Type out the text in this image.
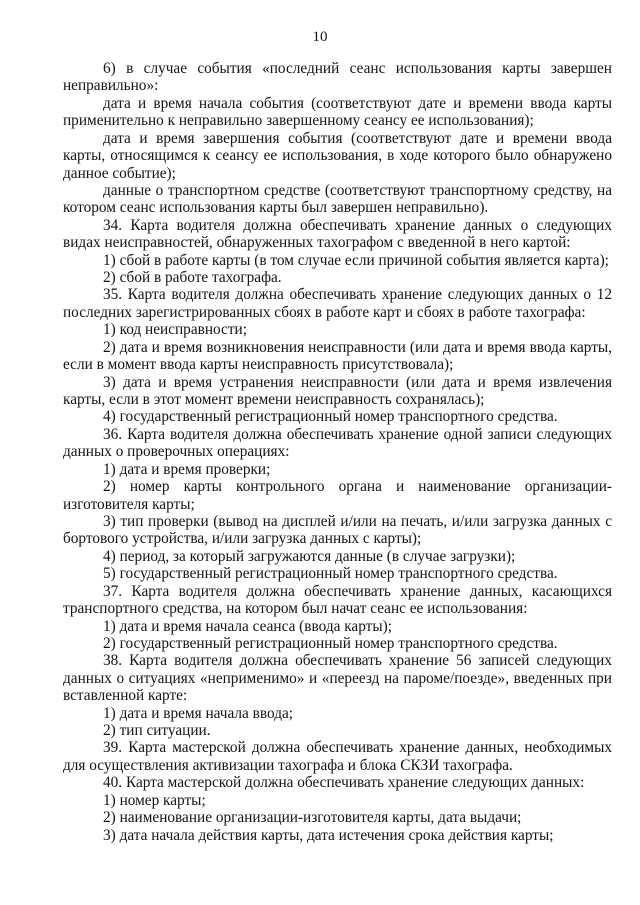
10

6) в случае события «последний сеанс использования карты завершен неправильно»:

дата и время начала события (соответствуют дате и времени ввода карты применительно к неправильно завершенному сеансу ее использования);

дата и время завершения события (соответствуют дате и времени ввода карты, относящимся к сеансу ее использования, в ходе которого было обнаружено данное событие);

данные о транспортном средстве (соответствуют транспортному средству, на котором сеанс использования карты был завершен неправильно).

34. Карта водителя должна обеспечивать хранение данных о следующих видах неисправностей, обнаруженных тахографом с введенной в него картой:

1) сбой в работе карты (в том случае если причиной события является карта);

2) сбой в работе тахографа.

35. Карта водителя должна обеспечивать хранение следующих данных о 12 последних зарегистрированных сбоях в работе карт и сбоях в работе тахографа:

1) код неисправности;

2) дата и время возникновения неисправности (или дата и время ввода карты, если в момент ввода карты неисправность присутствовала);

3) дата и время устранения неисправности (или дата и время извлечения карты, если в этот момент времени неисправность сохранялась);

4) государственный регистрационный номер транспортного средства.

36. Карта водителя должна обеспечивать хранение одной записи следующих данных о проверочных операциях:

1) дата и время проверки;

2) номер карты контрольного органа и наименование организации-изготовителя карты;

3) тип проверки (вывод на дисплей и/или на печать, и/или загрузка данных с бортового устройства, и/или загрузка данных с карты);

4) период, за который загружаются данные (в случае загрузки);

5) государственный регистрационный номер транспортного средства.

37. Карта водителя должна обеспечивать хранение данных, касающихся транспортного средства, на котором был начат сеанс ее использования:

1) дата и время начала сеанса (ввода карты);

2) государственный регистрационный номер транспортного средства.

38. Карта водителя должна обеспечивать хранение 56 записей следующих данных о ситуациях «неприменимо» и «переезд на пароме/поезде», введенных при вставленной карте:

1) дата и время начала ввода;

2) тип ситуации.

39. Карта мастерской должна обеспечивать хранение данных, необходимых для осуществления активизации тахографа и блока СКЗИ тахографа.

40. Карта мастерской должна обеспечивать хранение следующих данных:

1) номер карты;

2) наименование организации-изготовителя карты, дата выдачи;

3) дата начала действия карты, дата истечения срока действия карты;
